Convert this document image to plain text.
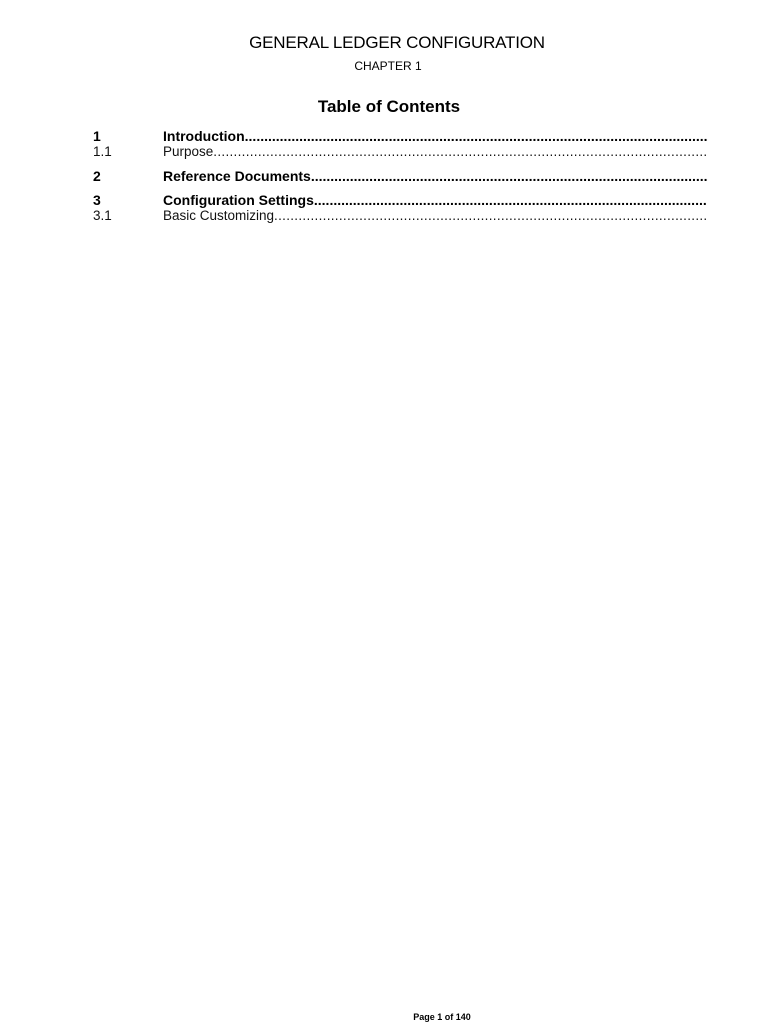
GENERAL LEDGER CONFIGURATION
CHAPTER 1
Table of Contents
1	Introduction
.....
1.1	Purpose
.....
2	Reference Documents
.....
3	Configuration Settings
.....
3.1	Basic Customizing
.....
Page 1 of 140
